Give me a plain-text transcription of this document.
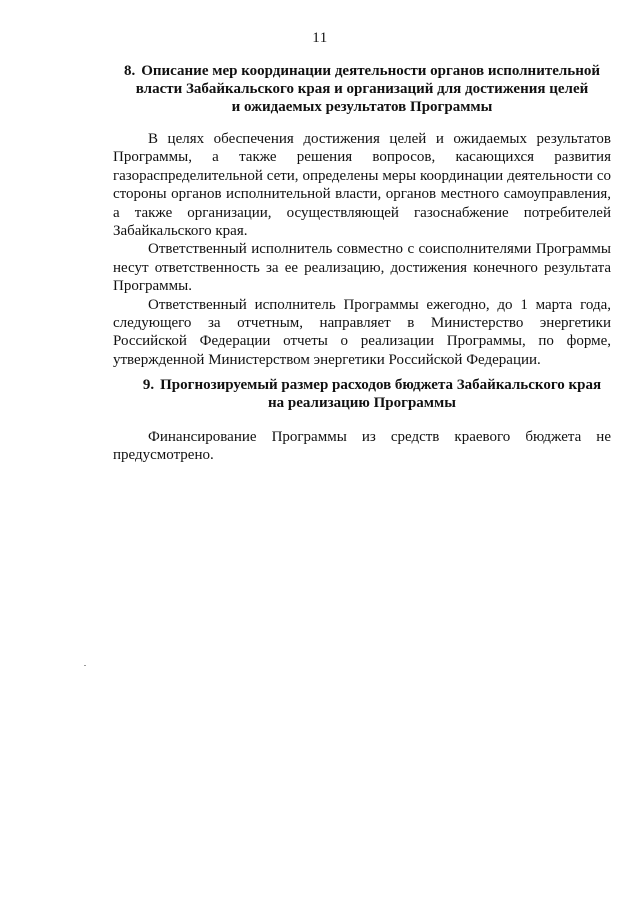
11
8. Описание мер координации деятельности органов исполнительной
власти Забайкальского края и организаций для достижения целей
и ожидаемых результатов Программы

В целях обеспечения достижения целей и ожидаемых результатов Программы, а также решения вопросов, касающихся развития газораспределительной сети, определены меры координации деятельности со стороны органов исполнительной власти, органов местного самоуправления, а также организации, осуществляющей газоснабжение потребителей Забайкальского края.

Ответственный исполнитель совместно с соисполнителями Программы несут ответственность за ее реализацию, достижения конечного результата Программы.

Ответственный исполнитель Программы ежегодно, до 1 марта года, следующего за отчетным, направляет в Министерство энергетики Российской Федерации отчеты о реализации Программы, по форме, утвержденной Министерством энергетики Российской Федерации.

9. Прогнозируемый размер расходов бюджета Забайкальского края
на реализацию Программы

Финансирование Программы из средств краевого бюджета не предусмотрено.
